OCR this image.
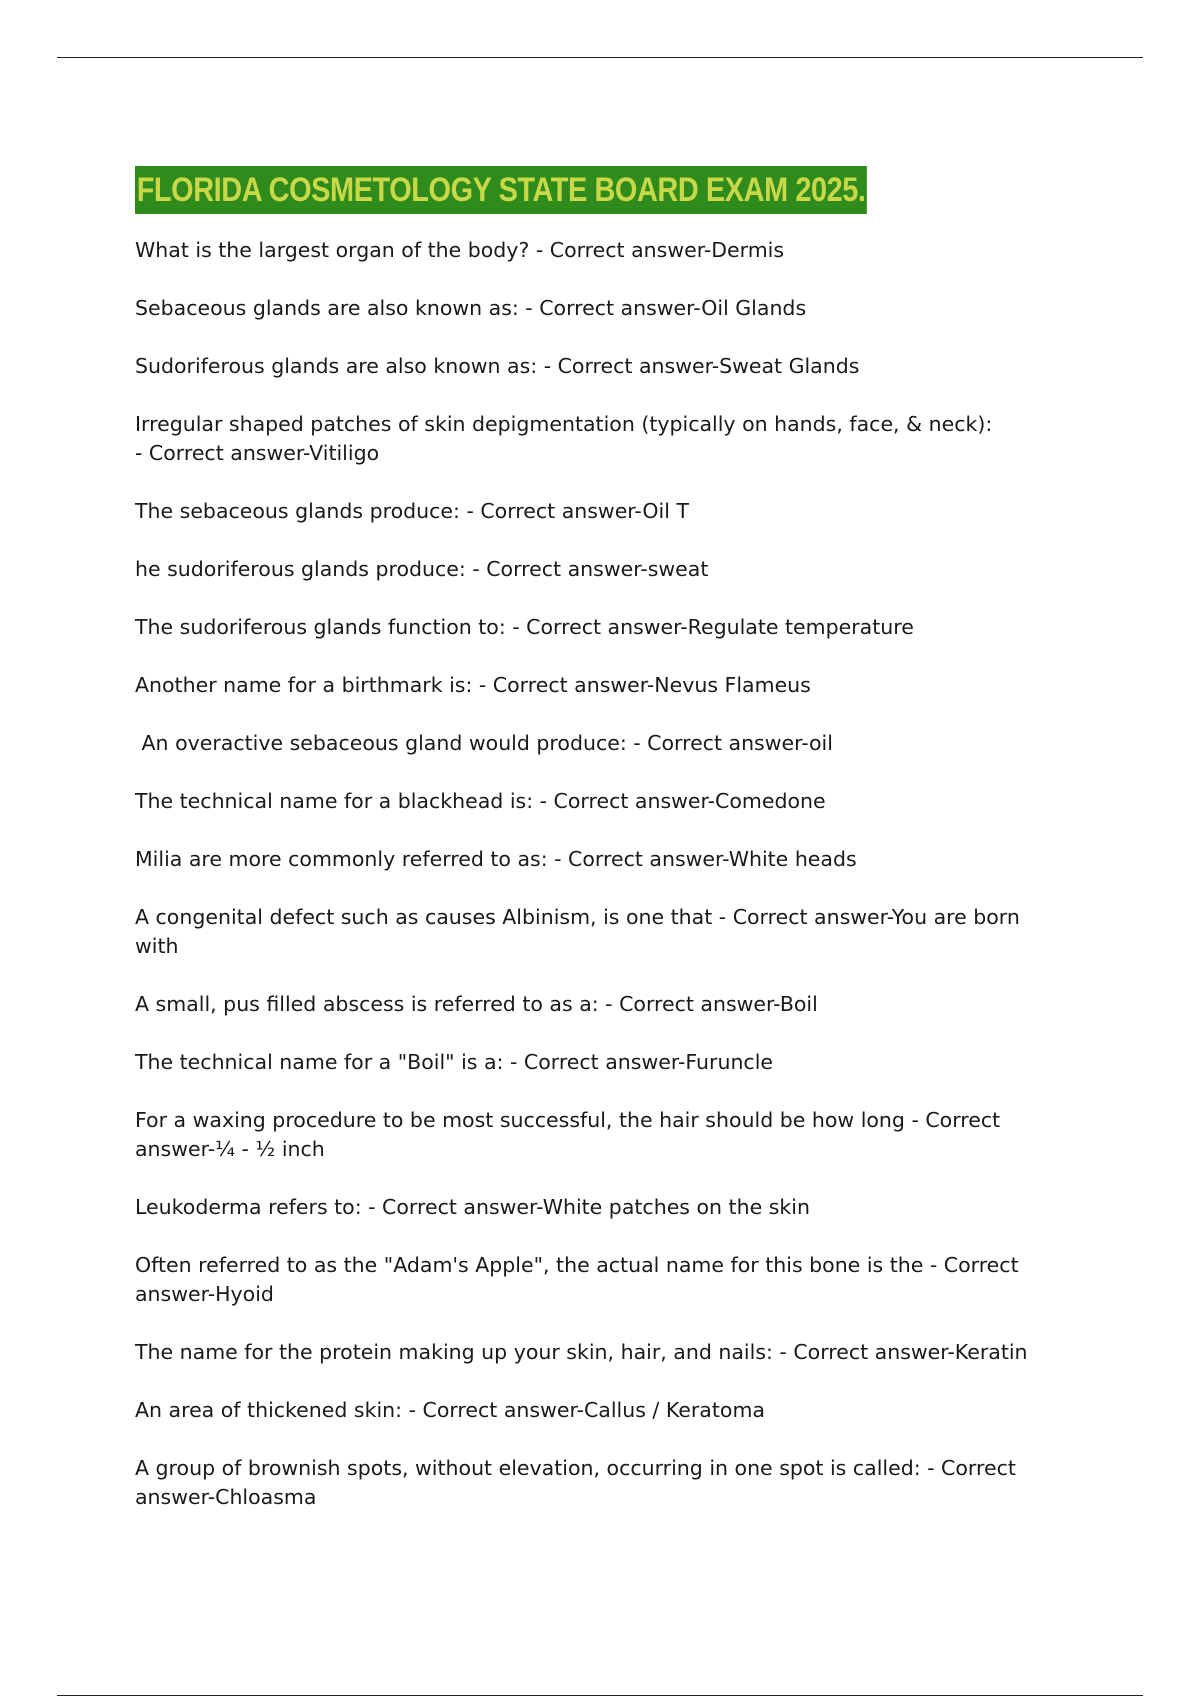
FLORIDA COSMETOLOGY STATE BOARD EXAM 2025.

What is the largest organ of the body? - Correct answer-Dermis

Sebaceous glands are also known as: - Correct answer-Oil Glands

Sudoriferous glands are also known as: - Correct answer-Sweat Glands

Irregular shaped patches of skin depigmentation (typically on hands, face, & neck):
- Correct answer-Vitiligo

The sebaceous glands produce: - Correct answer-Oil T

he sudoriferous glands produce: - Correct answer-sweat

The sudoriferous glands function to: - Correct answer-Regulate temperature

Another name for a birthmark is: - Correct answer-Nevus Flameus

An overactive sebaceous gland would produce: - Correct answer-oil

The technical name for a blackhead is: - Correct answer-Comedone

Milia are more commonly referred to as: - Correct answer-White heads

A congenital defect such as causes Albinism, is one that - Correct answer-You are born
with

A small, pus filled abscess is referred to as a: - Correct answer-Boil

The technical name for a "Boil" is a: - Correct answer-Furuncle

For a waxing procedure to be most successful, the hair should be how long - Correct
answer-¼ - ½ inch

Leukoderma refers to: - Correct answer-White patches on the skin

Often referred to as the "Adam's Apple", the actual name for this bone is the - Correct
answer-Hyoid

The name for the protein making up your skin, hair, and nails: - Correct answer-Keratin

An area of thickened skin: - Correct answer-Callus / Keratoma

A group of brownish spots, without elevation, occurring in one spot is called: - Correct
answer-Chloasma
